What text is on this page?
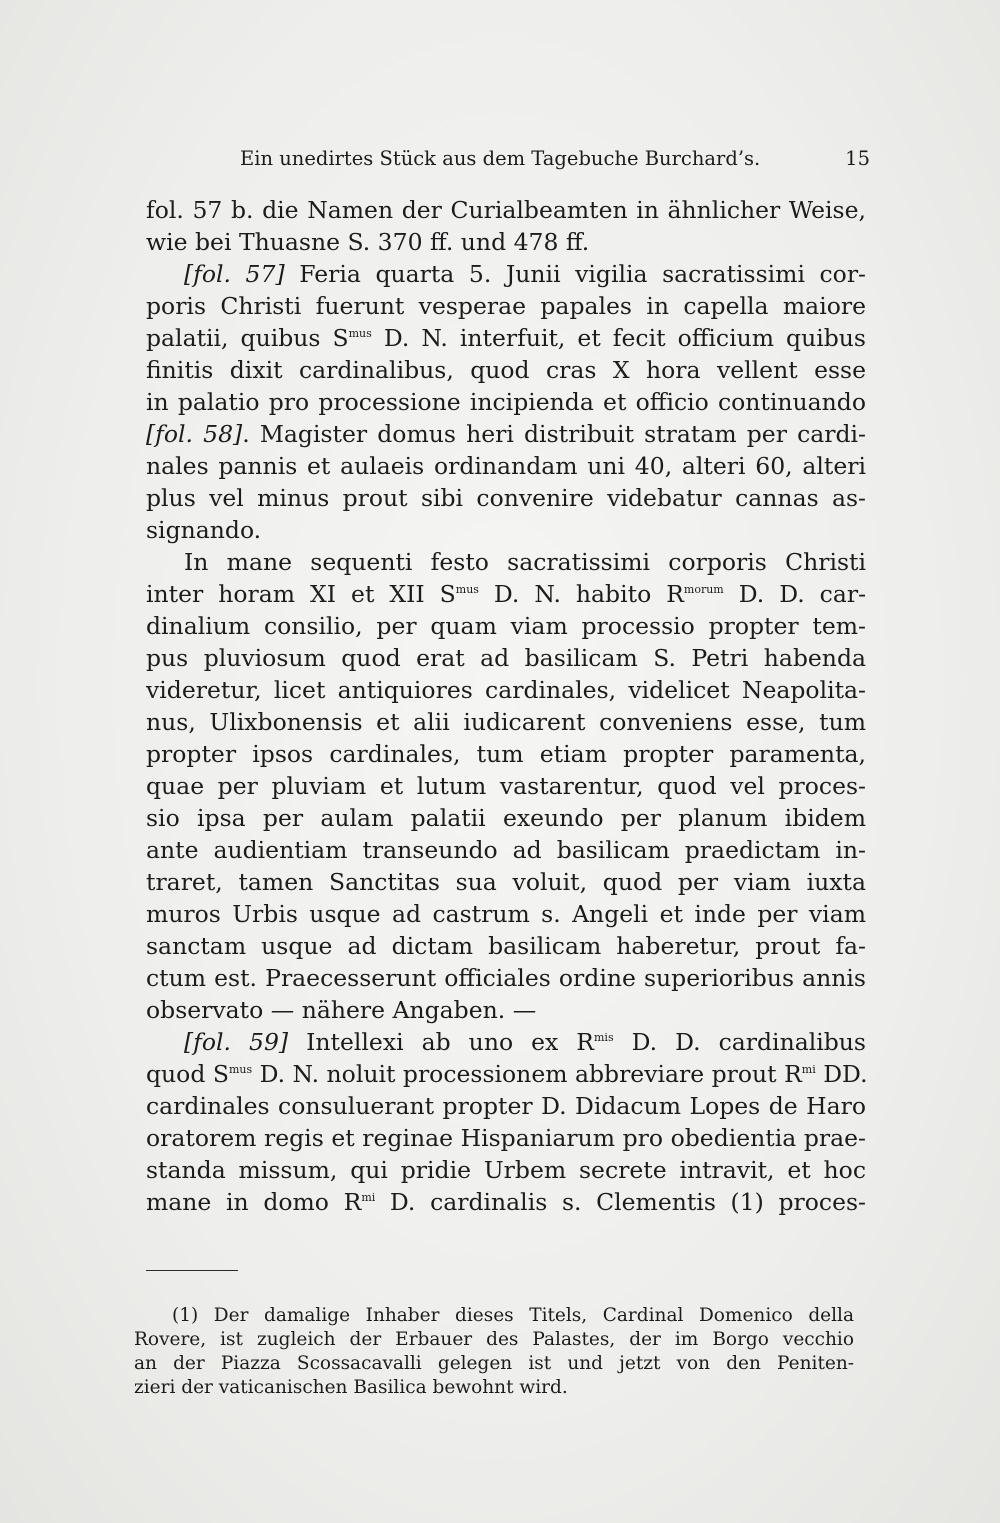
Ein unedirtes Stück aus dem Tagebuche Burchard’s.	15
fol. 57 b. die Namen der Curialbeamten in ähnlicher Weise,
wie bei Thuasne S. 370 ff. und 478 ff.
[fol. 57] Feria quarta 5. Junii vigilia sacratissimi cor-
poris Christi fuerunt vesperae papales in capella maiore
palatii, quibus $S^{mus}$ D. N. interfuit, et fecit officium quibus
finitis dixit cardinalibus, quod cras X hora vellent esse
in palatio pro processione incipienda et officio continuando
[fol. 58]. Magister domus heri distribuit stratam per cardi-
nales pannis et aulaeis ordinandam uni 40, alteri 60, alteri
plus vel minus prout sibi convenire videbatur cannas as-
signando.
In mane sequenti festo sacratissimi corporis Christi
inter horam XI et XII $S^{mus}$ D. N. habito $R^{morum}$ D. D. car-
dinalium consilio, per quam viam processio propter tem-
pus pluviosum quod erat ad basilicam S. Petri habenda
videretur, licet antiquiores cardinales, videlicet Neapolita-
nus, Ulixbonensis et alii iudicarent conveniens esse, tum
propter ipsos cardinales, tum etiam propter paramenta,
quae per pluviam et lutum vastarentur, quod vel proces-
sio ipsa per aulam palatii exeundo per planum ibidem
ante audientiam transeundo ad basilicam praedictam in-
traret, tamen Sanctitas sua voluit, quod per viam iuxta
muros Urbis usque ad castrum s. Angeli et inde per viam
sanctam usque ad dictam basilicam haberetur, prout fa-
ctum est. Praecesserunt officiales ordine superioribus annis
observato — nähere Angaben. —
[fol. 59] Intellexi ab uno ex $R^{mis}$ D. D. cardinalibus
quod $S^{mus}$ D. N. noluit processionem abbreviare prout $R^{mi}$ DD.
cardinales consuluerant propter D. Didacum Lopes de Haro
oratorem regis et reginae Hispaniarum pro obedientia prae-
standa missum, qui pridie Urbem secrete intravit, et hoc
mane in domo $R^{mi}$ D. cardinalis s. Clementis (1) proces-
(1) Der damalige Inhaber dieses Titels, Cardinal Domenico della
Rovere, ist zugleich der Erbauer des Palastes, der im Borgo vecchio
an der Piazza Scossacavalli gelegen ist und jetzt von den Peniten-
zieri der vaticanischen Basilica bewohnt wird.
